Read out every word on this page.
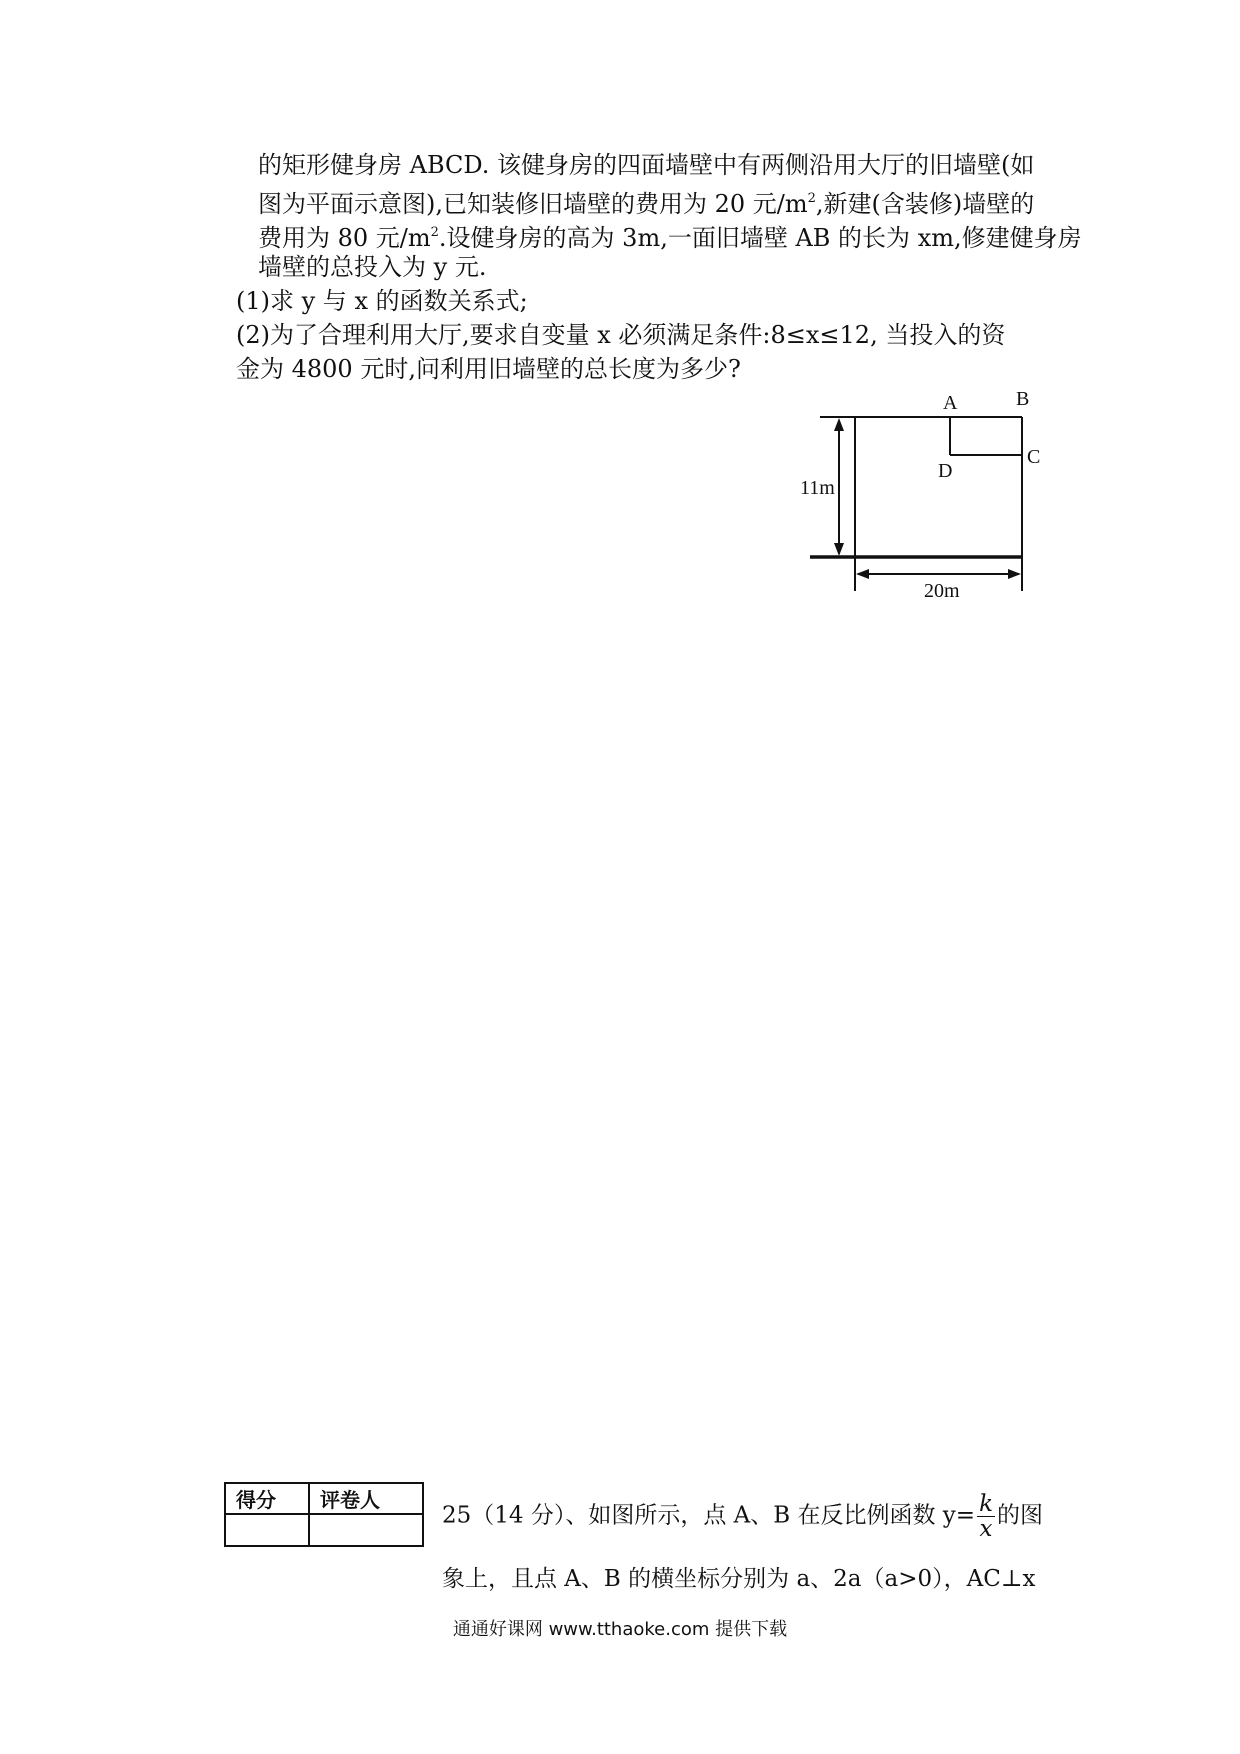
的矩形健身房 ABCD. 该健身房的四面墙壁中有两侧沿用大厅的旧墙壁(如
图为平面示意图),已知装修旧墙壁的费用为 20 元$/m^2$,新建(含装修)墙壁的
费用为 80 元$/m^2$.设健身房的高为 3m,一面旧墙壁 AB 的长为 xm,修建健身房
墙壁的总投入为 y 元.
(1)求 y 与 x 的函数关系式;
(2)为了合理利用大厅,要求自变量 x 必须满足条件:8≤x≤12, 当投入的资
金为 4800 元时,问利用旧墙壁的总长度为多少?
A	B
C
D
11m
20m
得分	评卷人

25（14 分）、如图所示，点 A、B 在反比例函数 $y= \frac{k}{x}$ 的图
象上，且点 A、B 的横坐标分别为 a、2a（a>0），AC⊥x
通通好课网 www.tthaoke.com 提供下载
